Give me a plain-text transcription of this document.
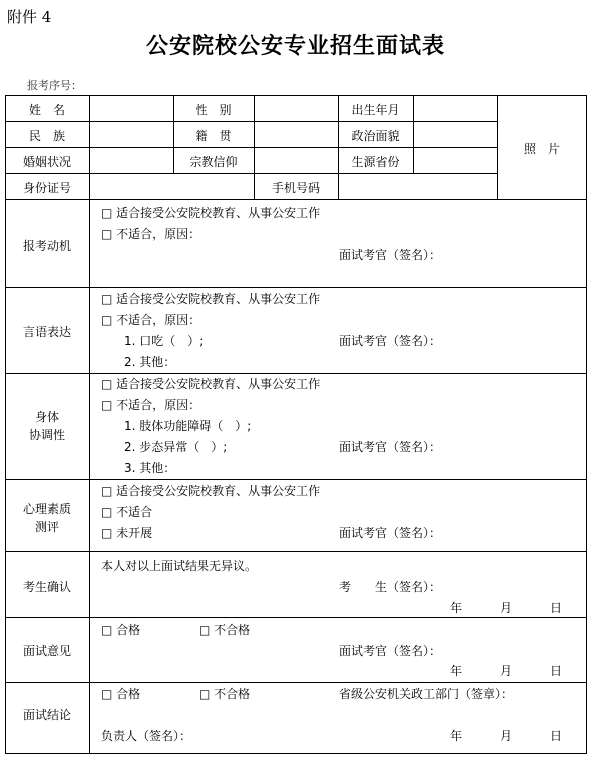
附件 4
公安院校公安专业招生面试表
报考序号：
姓　名	性　别	出生年月
民　族	籍　贯	政治面貌
婚姻状况	宗教信仰	生源省份
身份证号	手机号码
照　片
报考动机
□ 适合接受公安院校教育、从事公安工作
□ 不适合，原因：
面试考官（签名）：
言语表达
□ 适合接受公安院校教育、从事公安工作
□ 不适合，原因：
1. 口吃（　）;
2. 其他：
面试考官（签名）：
身体
协调性
□ 适合接受公安院校教育、从事公安工作
□ 不适合，原因：
1. 肢体功能障碍（　）;
2. 步态异常（　）;
3. 其他：
面试考官（签名）：
心理素质
测评
□ 适合接受公安院校教育、从事公安工作
□ 不适合
□ 未开展	面试考官（签名）：
考生确认
本人对以上面试结果无异议。
考　　生（签名）：
年	月	日
面试意见
□ 合格	□ 不合格
面试考官（签名）：
年	月	日
面试结论
□ 合格	□ 不合格	省级公安机关政工部门（签章）：
负责人（签名）：	年	月	日
